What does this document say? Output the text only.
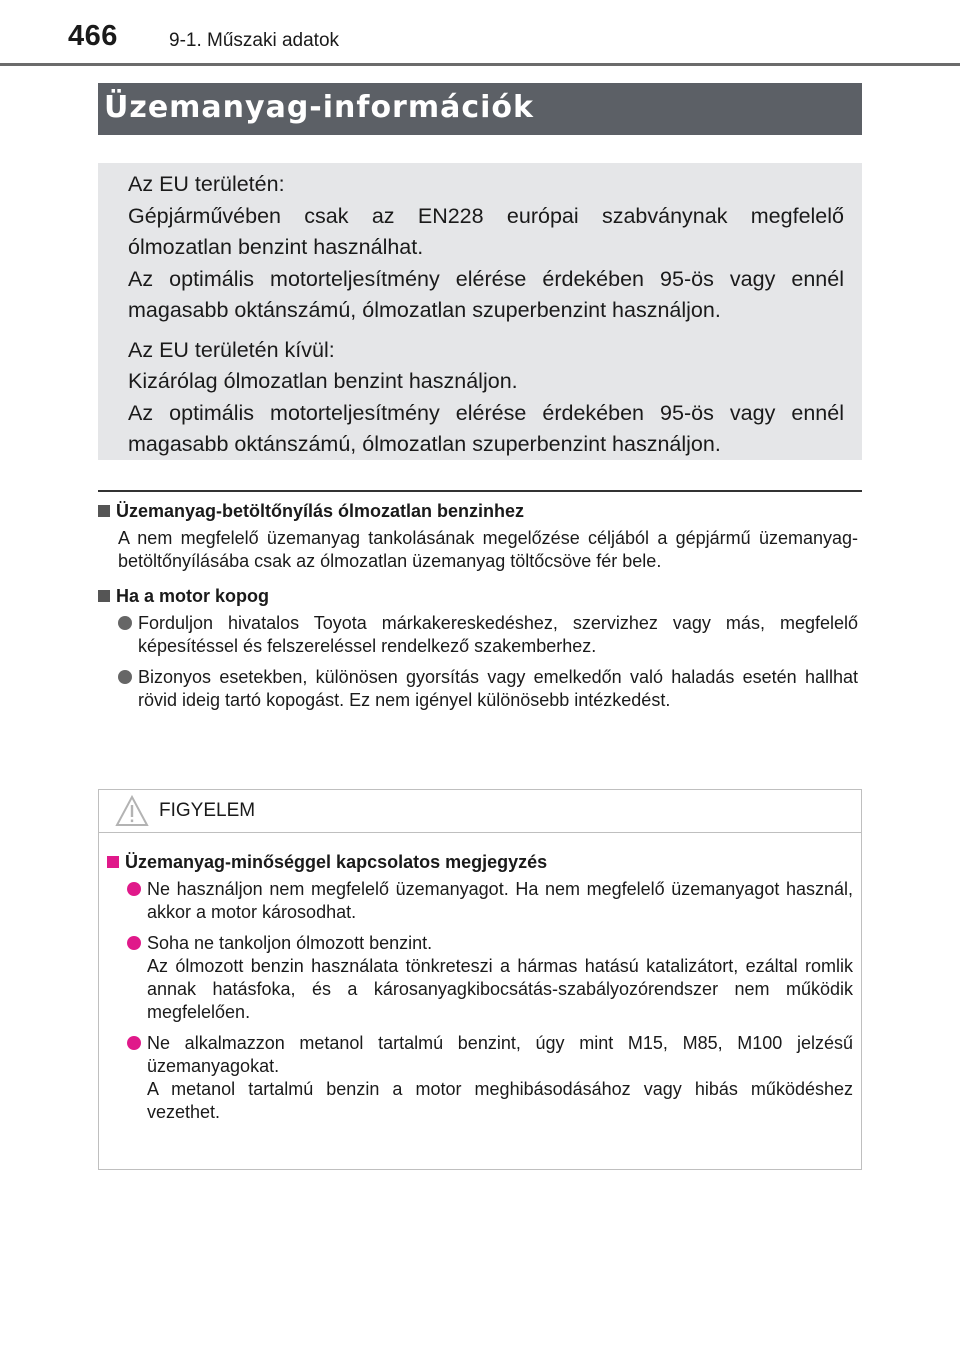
466	9-1. Műszaki adatok
Üzemanyag-információk

Az EU területén:

Gépjárművében csak az EN228 európai szabványnak megfelelő ólmozatlan benzint használhat.

Az optimális motorteljesítmény elérése érdekében 95-ös vagy ennél magasabb oktánszámú, ólmozatlan szuperbenzint használjon.

Az EU területén kívül:

Kizárólag ólmozatlan benzint használjon.

Az optimális motorteljesítmény elérése érdekében 95-ös vagy ennél magasabb oktánszámú, ólmozatlan szuperbenzint használjon.

Üzemanyag-betöltőnyílás ólmozatlan benzinhez
A nem megfelelő üzemanyag tankolásának megelőzése céljából a gépjármű üzemanyag-betöltőnyílásába csak az ólmozatlan üzemanyag töltőcsöve fér bele.
Ha a motor kopog
Forduljon hivatalos Toyota márkakereskedéshez, szervizhez vagy más, megfelelő képesítéssel és felszereléssel rendelkező szakemberhez.
Bizonyos esetekben, különösen gyorsítás vagy emelkedőn való haladás esetén hallhat rövid ideig tartó kopogást. Ez nem igényel különösebb intézkedést.
FIGYELEM
Üzemanyag-minőséggel kapcsolatos megjegyzés
Ne használjon nem megfelelő üzemanyagot. Ha nem megfelelő üzemanyagot használ, akkor a motor károsodhat.
Soha ne tankoljon ólmozott benzint.
Az ólmozott benzin használata tönkreteszi a hármas hatású katalizátort, ezáltal romlik annak hatásfoka, és a károsanyagkibocsátás-szabályozórendszer nem működik megfelelően.
Ne alkalmazzon metanol tartalmú benzint, úgy mint M15, M85, M100 jelzésű üzemanyagokat.
A metanol tartalmú benzin a motor meghibásodásához vagy hibás működéshez vezethet.
